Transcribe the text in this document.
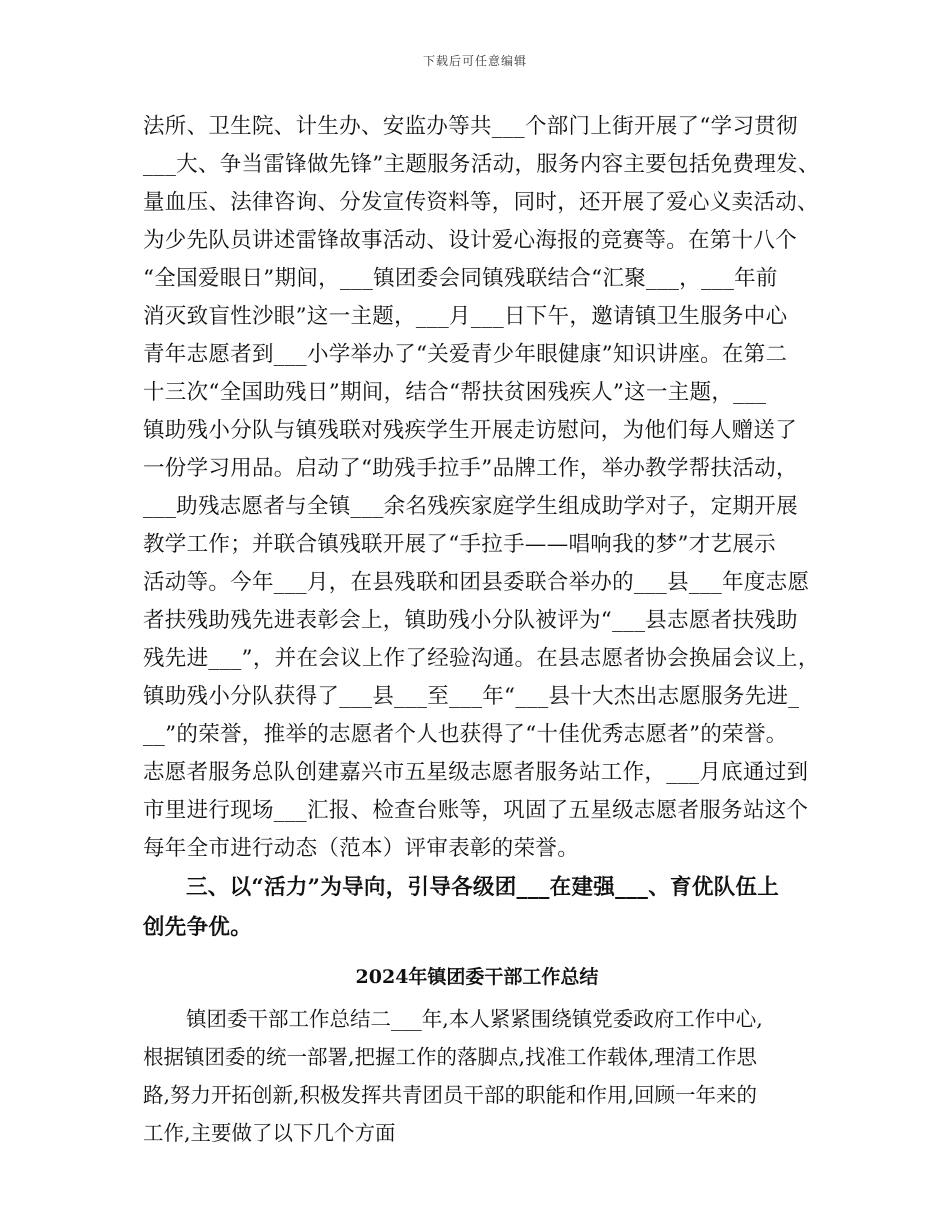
下载后可任意编辑
法所、卫生院、计生办、安监办等共___个部门上街开展了“学习贯彻
___大、争当雷锋做先锋”主题服务活动，服务内容主要包括免费理发、
量血压、法律咨询、分发宣传资料等，同时，还开展了爱心义卖活动、
为少先队员讲述雷锋故事活动、设计爱心海报的竞赛等。在第十八个
“全国爱眼日”期间，___镇团委会同镇残联结合“汇聚___，___年前
消灭致盲性沙眼”这一主题，___月___日下午，邀请镇卫生服务中心
青年志愿者到___小学举办了“关爱青少年眼健康”知识讲座。在第二
十三次“全国助残日”期间，结合“帮扶贫困残疾人”这一主题，___
镇助残小分队与镇残联对残疾学生开展走访慰问，为他们每人赠送了
一份学习用品。启动了“助残手拉手”品牌工作，举办教学帮扶活动，
___助残志愿者与全镇___余名残疾家庭学生组成助学对子，定期开展
教学工作；并联合镇残联开展了“手拉手——唱响我的梦”才艺展示
活动等。今年___月，在县残联和团县委联合举办的___县___年度志愿
者扶残助残先进表彰会上，镇助残小分队被评为“___县志愿者扶残助
残先进___”，并在会议上作了经验沟通。在县志愿者协会换届会议上，
镇助残小分队获得了___县___至___年“___县十大杰出志愿服务先进_
__”的荣誉，推举的志愿者个人也获得了“十佳优秀志愿者”的荣誉。
志愿者服务总队创建嘉兴市五星级志愿者服务站工作，___月底通过到
市里进行现场___汇报、检查台账等，巩固了五星级志愿者服务站这个
每年全市进行动态（范本）评审表彰的荣誉。
三、以“活力”为导向，引导各级团___在建强___、育优队伍上
创先争优。
2024年镇团委干部工作总结
镇团委干部工作总结二___年,本人紧紧围绕镇党委政府工作中心,
根据镇团委的统一部署,把握工作的落脚点,找准工作载体,理清工作思
路,努力开拓创新,积极发挥共青团员干部的职能和作用,回顾一年来的
工作,主要做了以下几个方面
